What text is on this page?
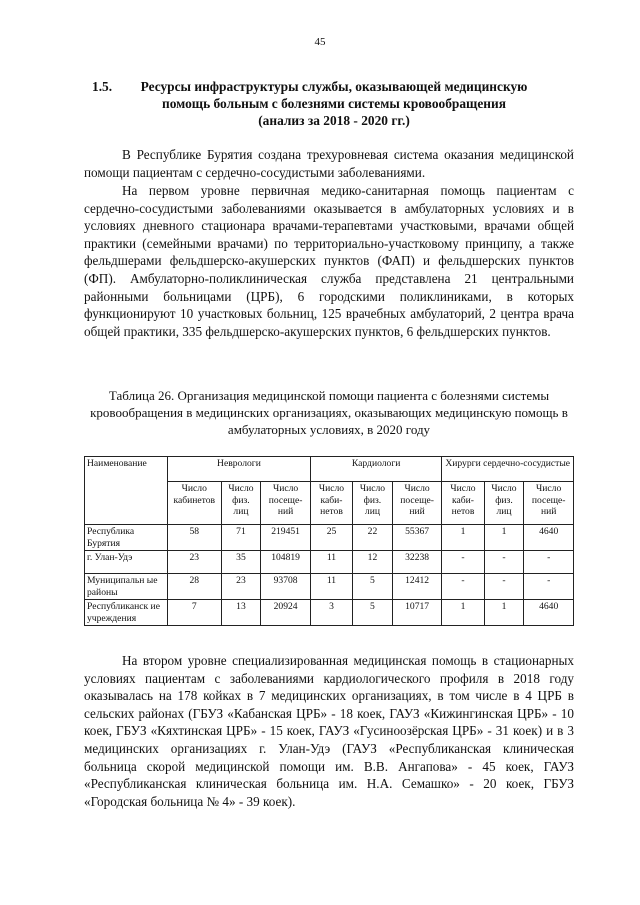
45
1.5.	Ресурсы инфраструктуры службы, оказывающей медицинскую
помощь больным с болезнями системы кровообращения
(анализ за 2018 - 2020 гг.)

В Республике Бурятия создана трехуровневая система оказания медицинской помощи пациентам с сердечно-сосудистыми заболеваниями.

На первом уровне первичная медико-санитарная помощь пациентам с сердечно-сосудистыми заболеваниями оказывается в амбулаторных условиях и в условиях дневного стационара врачами-терапевтами участковыми, врачами общей практики (семейными врачами) по территориально-участковому принципу, а также фельдшерами фельдшерско-акушерских пунктов (ФАП) и фельдшерских пунктов (ФП). Амбулаторно-поликлиническая служба представлена 21 центральными районными больницами (ЦРБ), 6 городскими поликлиниками, в которых функционируют 10 участковых больниц, 125 врачебных амбулаторий, 2 центра врача общей практики, 335 фельдшерско-акушерских пунктов, 6 фельдшерских пунктов.

Таблица 26. Организация медицинской помощи пациента с болезнями системы кровообращения в медицинских организациях, оказывающих медицинскую помощь в амбулаторных условиях, в 2020 году
Наименование	Неврологи			Кардиологи			Хирурги сердечно-сосудистые		
	Число кабинетов	Число физ. лиц	Число посеще-ний	Число каби-нетов	Число физ. лиц	Число посеще-ний	Число каби-нетов	Число физ. лиц	Число посеще-ний
Республика Бурятия	58	71	219451	25	22	55367	1	1	4640
г. Улан-Удэ	23	35	104819	11	12	32238	-	-	-
Муниципальн ые районы	28	23	93708	11	5	12412	-	-	-
Республиканск ие учреждения	7	13	20924	3	5	10717	1	1	4640

На втором уровне специализированная медицинская помощь в стационарных условиях пациентам с заболеваниями кардиологического профиля в 2018 году оказывалась на 178 койках в 7 медицинских организациях, в том числе в 4 ЦРБ в сельских районах (ГБУЗ «Кабанская ЦРБ» - 18 коек, ГАУЗ «Кижингинская ЦРБ» - 10 коек, ГБУЗ «Кяхтинская ЦРБ» - 15 коек, ГАУЗ «Гусиноозёрская ЦРБ» - 31 коек) и в 3 медицинских организациях г. Улан-Удэ (ГАУЗ «Республиканская клиническая больница скорой медицинской помощи им. В.В. Ангапова» - 45 коек, ГАУЗ «Республиканская клиническая больница им. Н.А. Семашко» - 20 коек, ГБУЗ «Городская больница № 4» - 39 коек).
